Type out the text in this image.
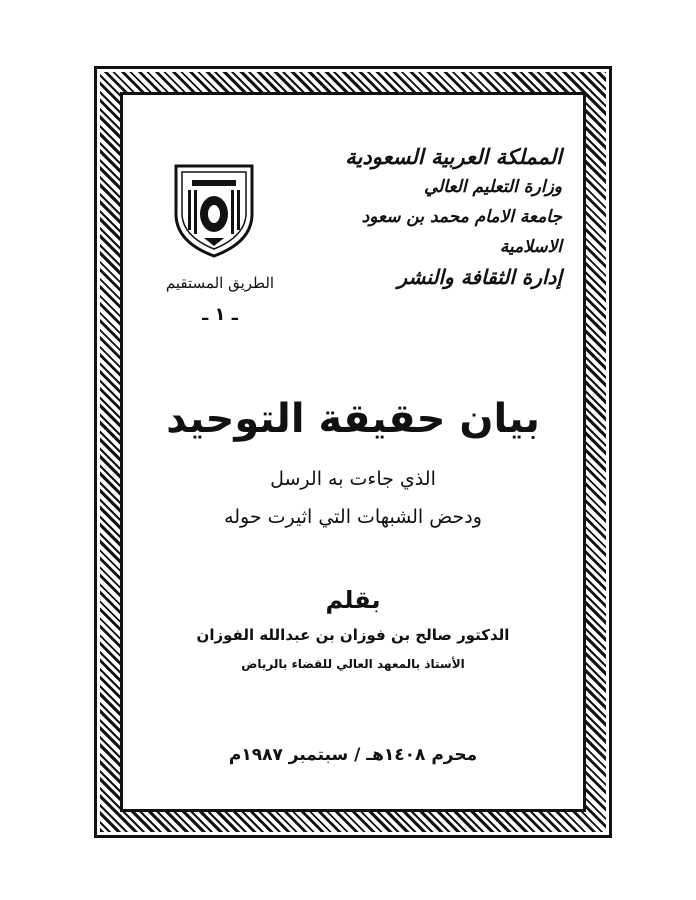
المملكة العربية السعودية
وزارة التعليم العالي
جامعة الامام محمد بن سعود الاسلامية
إدارة الثقافة والنشر
الطريق المستقيم
ـ ١ ـ
بيان حقيقة التوحيد
الذي جاءت به الرسل
ودحض الشبهات التي اثيرت حوله
بقلم
الدكتور صالح بن فوزان بن عبدالله الفوزان
الأستاذ بالمعهد العالي للقضاء بالرياض
محرم ١٤٠٨هـ / سبتمبر ١٩٨٧م
